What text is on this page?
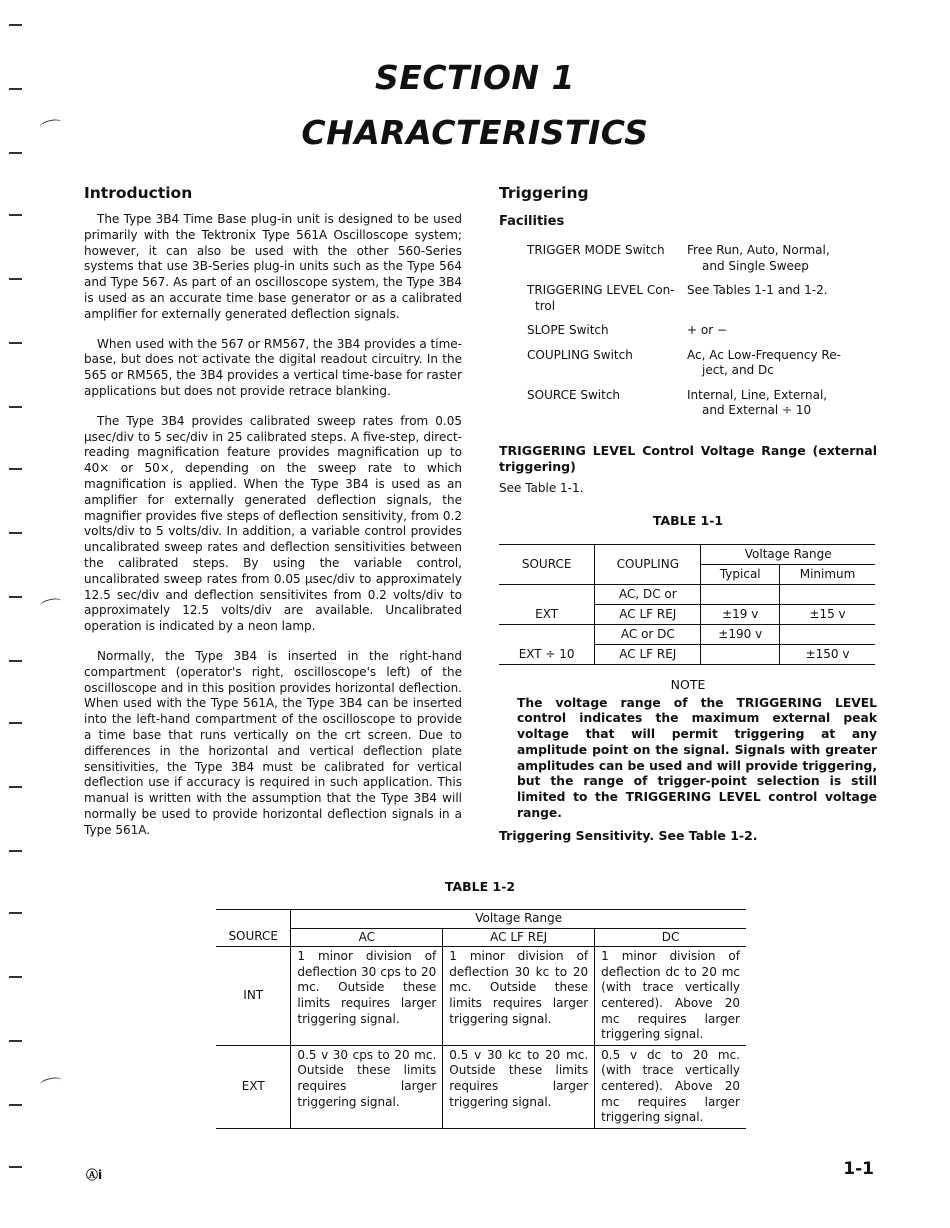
SECTION 1
CHARACTERISTICS
Introduction

The Type 3B4 Time Base plug-in unit is designed to be used primarily with the Tektronix Type 561A Oscilloscope system; however, it can also be used with the other 560-Series systems that use 3B-Series plug-in units such as the Type 564 and Type 567. As part of an oscilloscope system, the Type 3B4 is used as an accurate time base generator or as a calibrated amplifier for externally generated deflection signals.

When used with the 567 or RM567, the 3B4 provides a time-base, but does not activate the digital readout circuitry. In the 565 or RM565, the 3B4 provides a vertical time-base for raster applications but does not provide retrace blanking.

The Type 3B4 provides calibrated sweep rates from 0.05 μsec/div to 5 sec/div in 25 calibrated steps. A five-step, direct-reading magnification feature provides magnification up to 40× or 50×, depending on the sweep rate to which magnification is applied. When the Type 3B4 is used as an amplifier for externally generated deflection signals, the magnifier provides five steps of deflection sensitivity, from 0.2 volts/div to 5 volts/div. In addition, a variable control provides uncalibrated sweep rates and deflection sensitivities between the calibrated steps. By using the variable control, uncalibrated sweep rates from 0.05 μsec/div to approximately 12.5 sec/div and deflection sensitivites from 0.2 volts/div to approximately 12.5 volts/div are available. Uncalibrated operation is indicated by a neon lamp.

Normally, the Type 3B4 is inserted in the right-hand compartment (operator's right, oscilloscope's left) of the oscilloscope and in this position provides horizontal deflection. When used with the Type 561A, the Type 3B4 can be inserted into the left-hand compartment of the oscilloscope to provide a time base that runs vertically on the crt screen. Due to differences in the horizontal and vertical deflection plate sensitivities, the Type 3B4 must be calibrated for vertical deflection use if accuracy is required in such application. This manual is written with the assumption that the Type 3B4 will normally be used to provide horizontal deflection signals in a Type 561A.

Triggering
Facilities
TRIGGER MODE Switch	Free Run, Auto, Normal,
and Single Sweep
TRIGGERING LEVEL Con-
trol
See Tables 1-1 and 1-2.
SLOPE Switch	+ or −
COUPLING Switch	Ac, Ac Low-Frequency Re-
ject, and Dc
SOURCE Switch	Internal, Line, External,
and External ÷ 10
TRIGGERING LEVEL Control Voltage Range (external triggering)
See Table 1-1.
TABLE 1-1
SOURCE	COUPLING	Voltage Range	
		Typical	Minimum
	AC, DC or		
EXT	AC LF REJ	±19 v	±15 v
	AC or DC	±190 v	
EXT ÷ 10	AC LF REJ		±150 v
NOTE
The voltage range of the TRIGGERING LEVEL control indicates the maximum external peak voltage that will permit triggering at any amplitude point on the signal. Signals with greater amplitudes can be used and will provide triggering, but the range of trigger-point selection is still limited to the TRIGGERING LEVEL control voltage range.
Triggering Sensitivity. See Table 1-2.
TABLE 1-2
	Voltage Range		
SOURCE	AC	AC LF REJ	DC
INT	1 minor division of deflection 30 cps to 20 mc. Outside these limits requires larger triggering signal.	1 minor division of deflection 30 kc to 20 mc. Outside these limits requires larger triggering signal.	1 minor division of deflection dc to 20 mc (with trace vertically centered). Above 20 mc requires larger triggering signal.
EXT	0.5 v 30 cps to 20 mc. Outside these limits requires larger triggering signal.	0.5 v 30 kc to 20 mc. Outside these limits requires larger triggering signal.	0.5 v dc to 20 mc. (with trace vertically centered). Above 20 mc requires larger triggering signal.
Ⓐi	1-1
